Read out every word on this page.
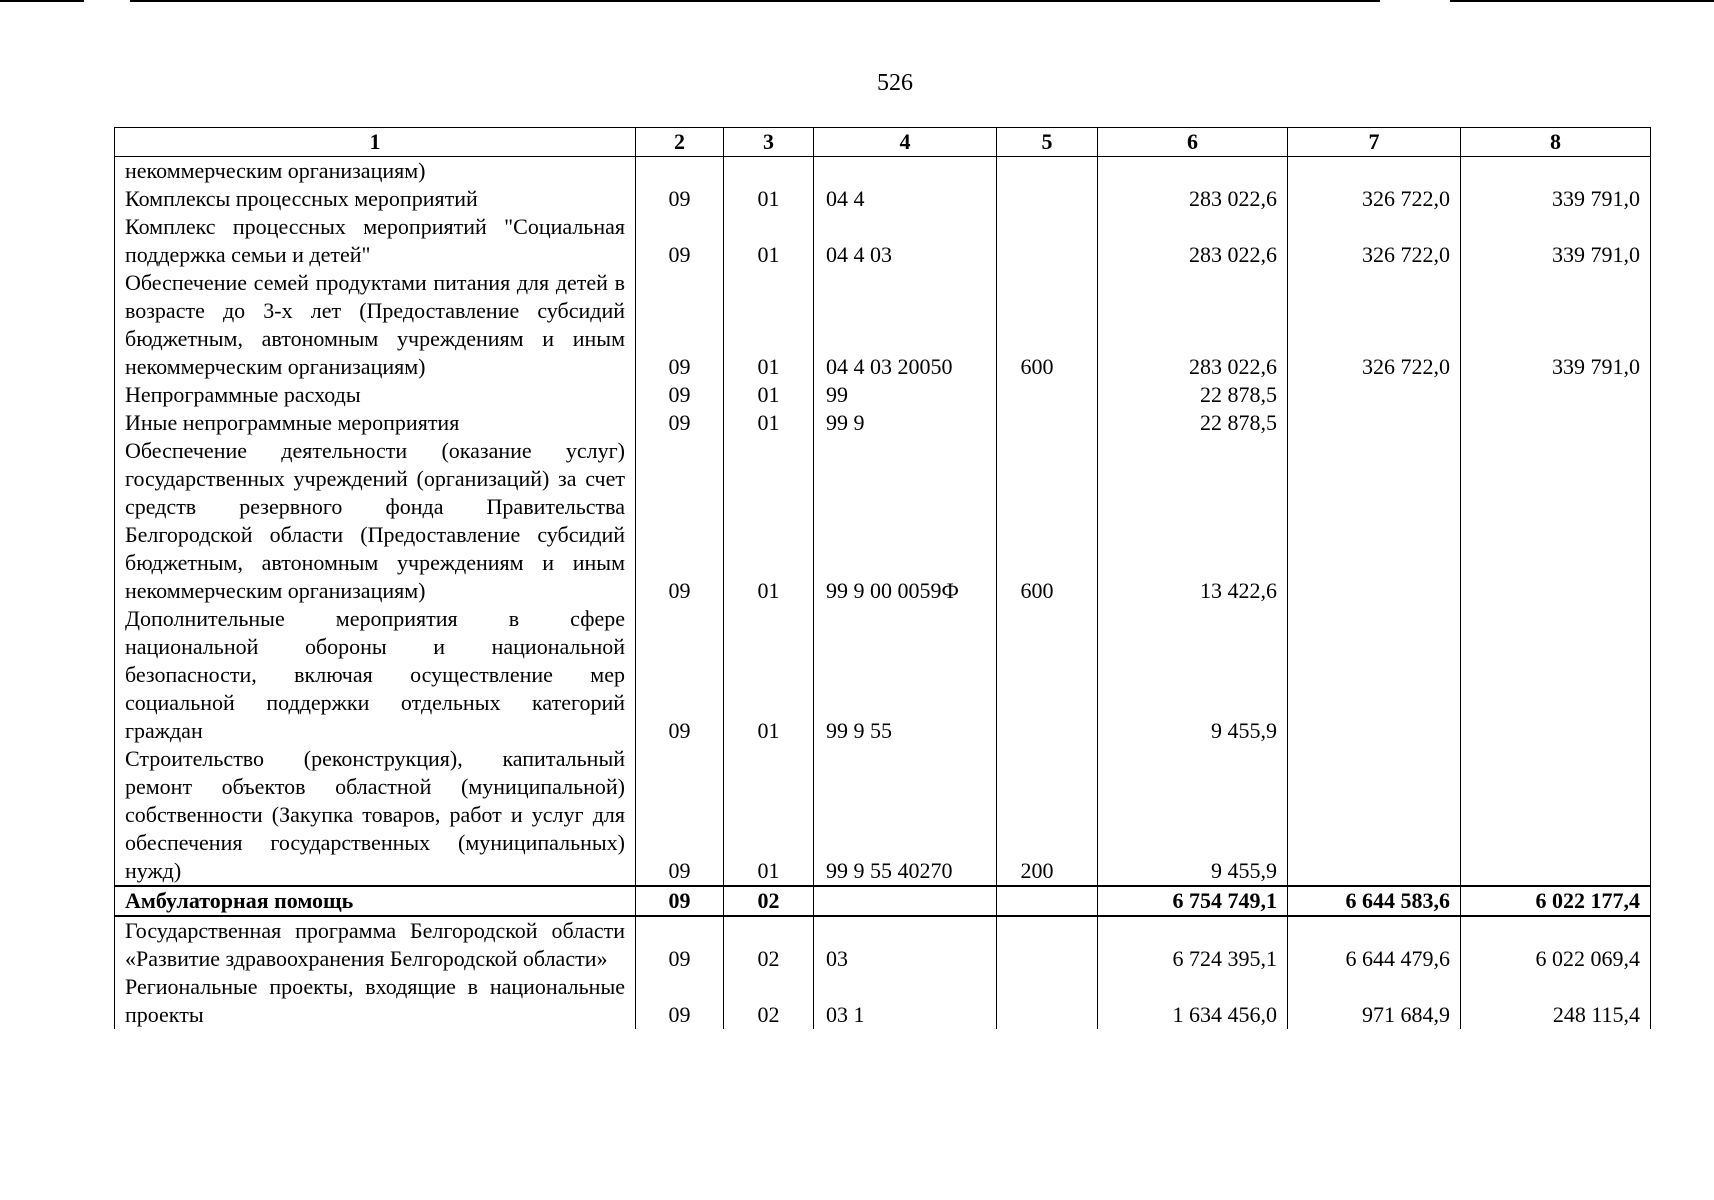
526
1	2	3	4	5	6	7	8
некоммерческим организациям)							
Комплексы процессных мероприятий	09	01	04 4		283 022,6	326 722,0	339 791,0
Комплекс процессных мероприятий "Социальная поддержка семьи и детей"	09	01	04 4 03		283 022,6	326 722,0	339 791,0
Обеспечение семей продуктами питания для детей в возрасте до 3-х лет (Предоставление субсидий бюджетным, автономным учреждениям и иным некоммерческим организациям)	09	01	04 4 03 20050	600	283 022,6	326 722,0	339 791,0
Непрограммные расходы	09	01	99		22 878,5		
Иные непрограммные мероприятия	09	01	99 9		22 878,5		
Обеспечение деятельности (оказание услуг) государственных учреждений (организаций) за счет средств резервного фонда Правительства Белгородской области (Предоставление субсидий бюджетным, автономным учреждениям и иным некоммерческим организациям)	09	01	99 9 00 0059Ф	600	13 422,6		
Дополнительные мероприятия в сфере национальной обороны и национальной безопасности, включая осуществление мер социальной поддержки отдельных категорий граждан	09	01	99 9 55		9 455,9		
Строительство (реконструкция), капитальный ремонт объектов областной (муниципальной) собственности (Закупка товаров, работ и услуг для обеспечения государственных (муниципальных) нужд)	09	01	99 9 55 40270	200	9 455,9		
Амбулаторная помощь	09	02			6 754 749,1	6 644 583,6	6 022 177,4
Государственная программа Белгородской области «Развитие здравоохранения Белгородской области»	09	02	03		6 724 395,1	6 644 479,6	6 022 069,4
Региональные проекты, входящие в национальные проекты	09	02	03 1		1 634 456,0	971 684,9	248 115,4
